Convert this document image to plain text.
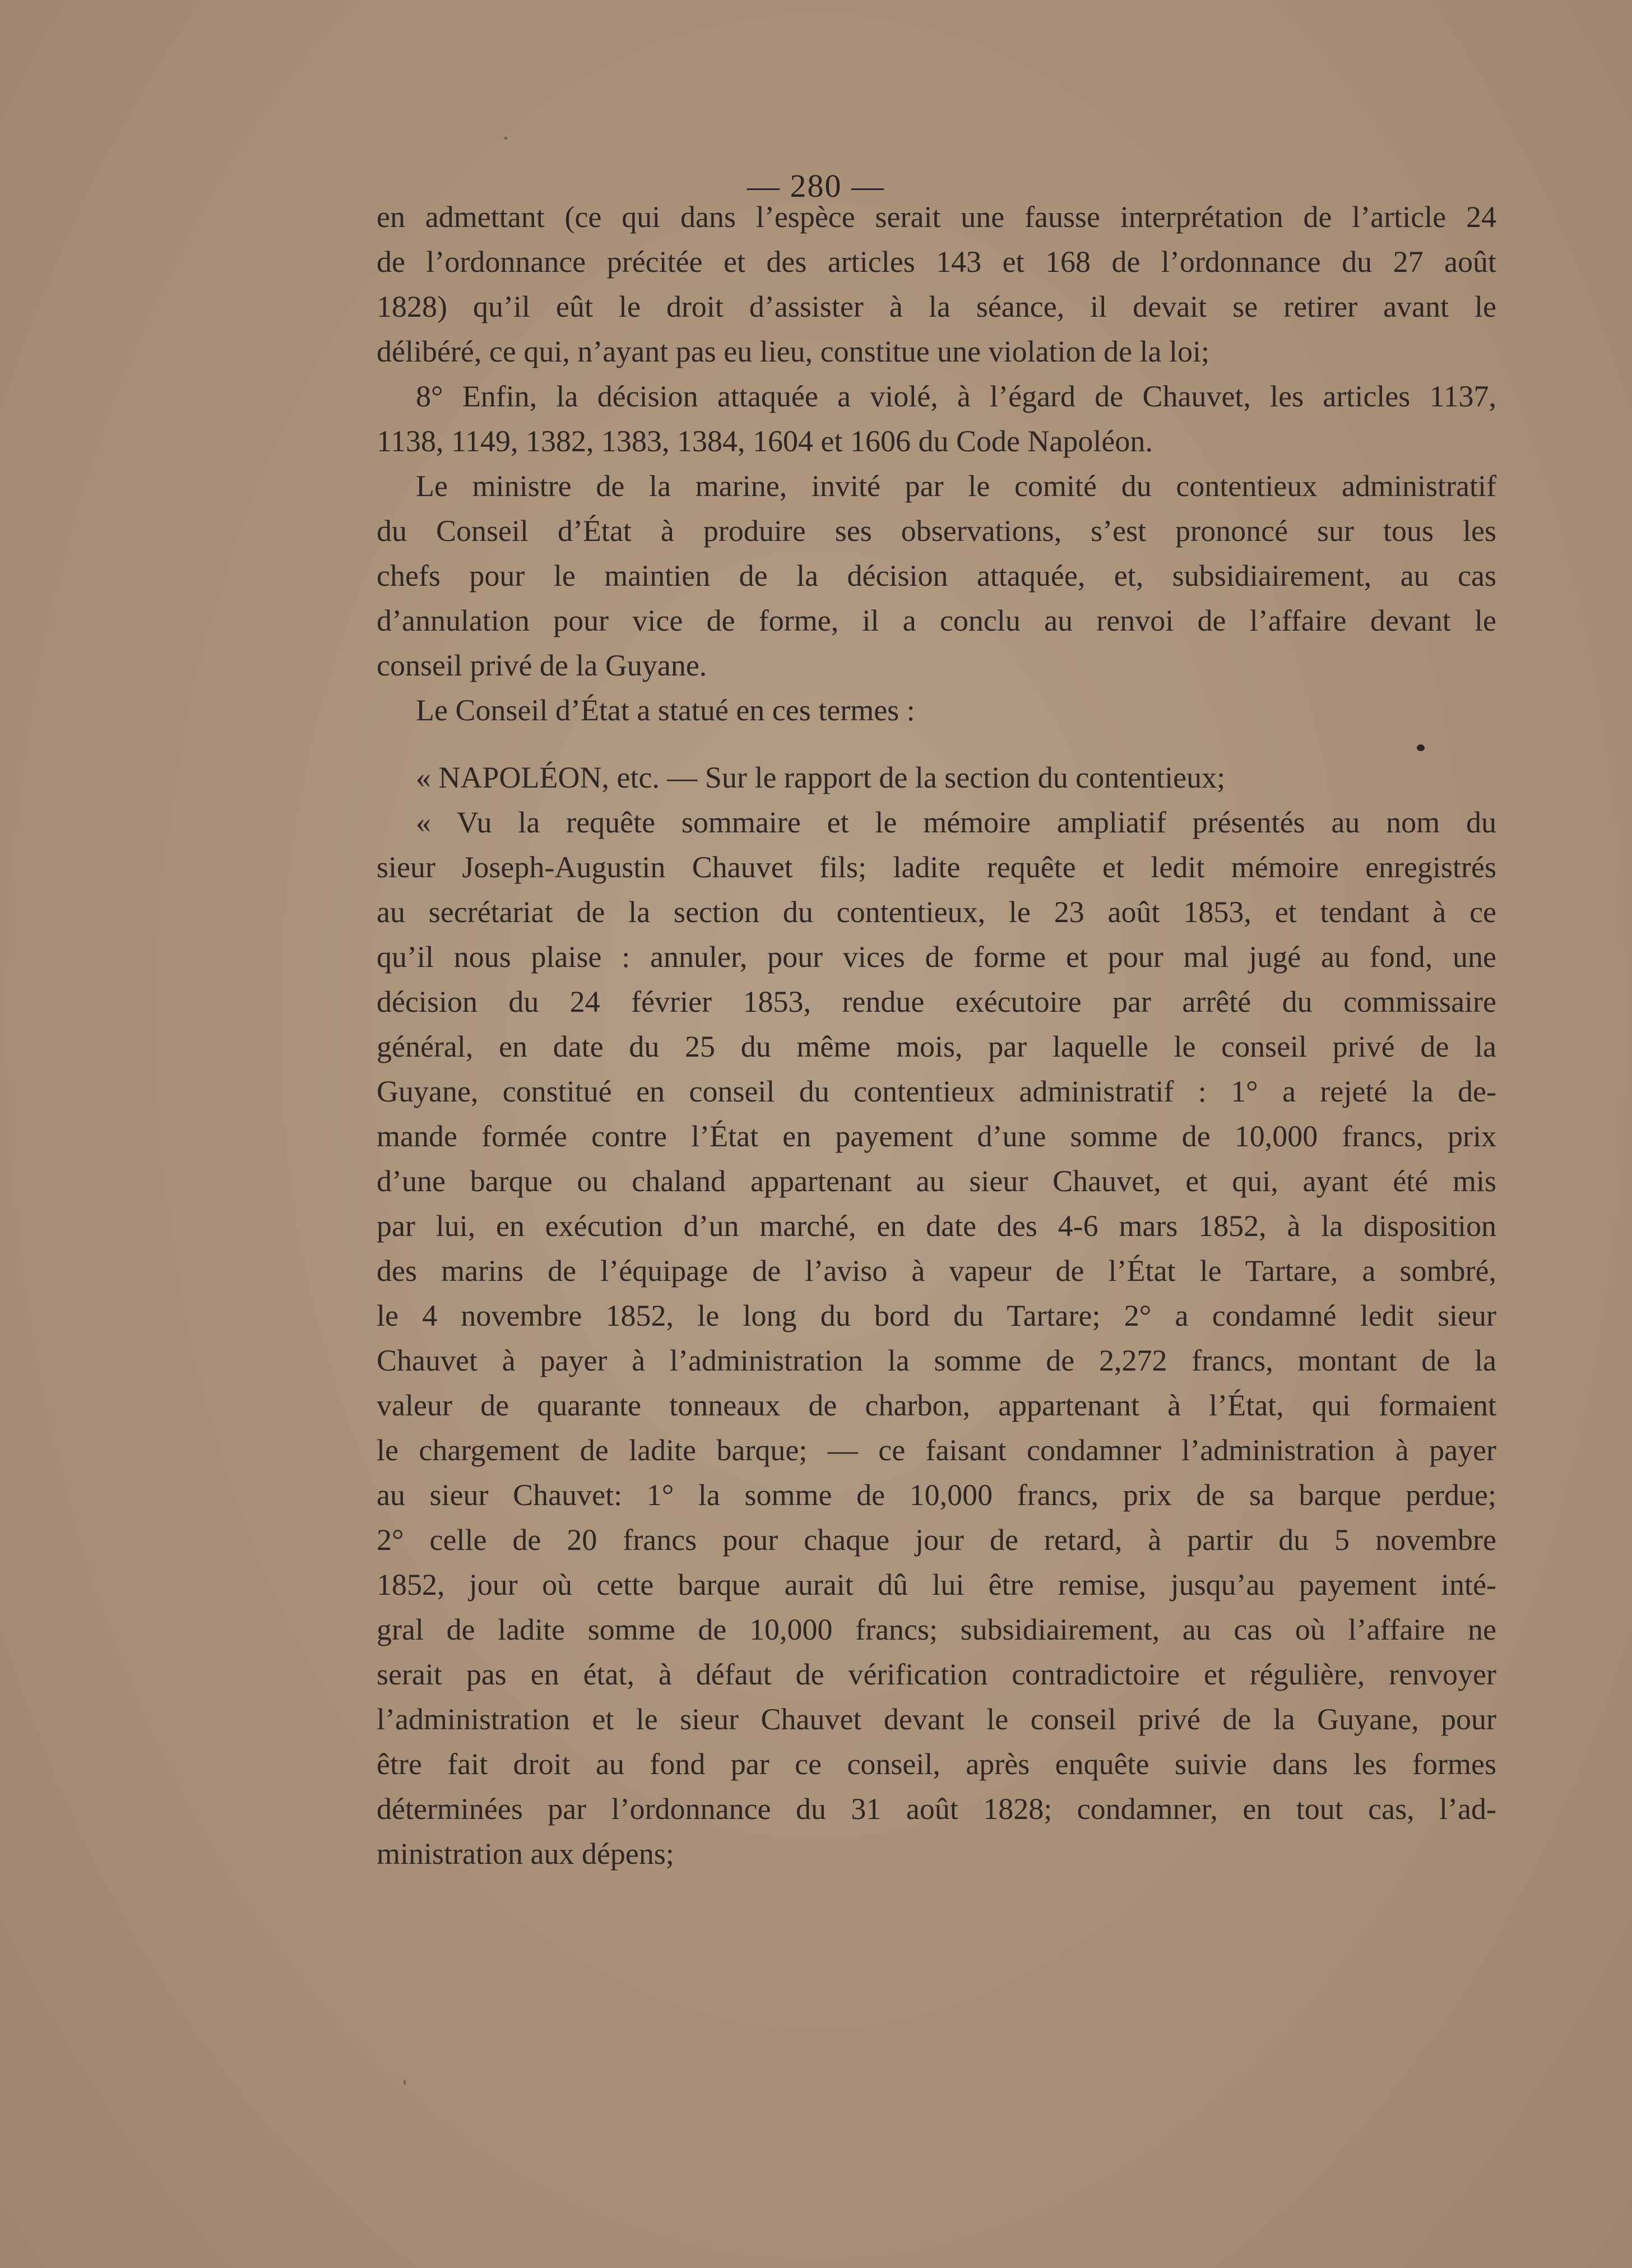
— 280 —
en admettant (ce qui dans l’espèce serait une fausse interprétation de l’article 24
de l’ordonnance précitée et des articles 143 et 168 de l’ordonnance du 27 août
1828) qu’il eût le droit d’assister à la séance, il devait se retirer avant le
délibéré, ce qui, n’ayant pas eu lieu, constitue une violation de la loi;
8° Enfin, la décision attaquée a violé, à l’égard de Chauvet, les articles 1137,
1138, 1149, 1382, 1383, 1384, 1604 et 1606 du Code Napoléon.
Le ministre de la marine, invité par le comité du contentieux administratif
du Conseil d’État à produire ses observations, s’est prononcé sur tous les
chefs pour le maintien de la décision attaquée, et, subsidiairement, au cas
d’annulation pour vice de forme, il a conclu au renvoi de l’affaire devant le
conseil privé de la Guyane.
Le Conseil d’État a statué en ces termes :
« NAPOLÉON, etc. — Sur le rapport de la section du contentieux;
« Vu la requête sommaire et le mémoire ampliatif présentés au nom du
sieur Joseph-Augustin Chauvet fils; ladite requête et ledit mémoire enregistrés
au secrétariat de la section du contentieux, le 23 août 1853, et tendant à ce
qu’il nous plaise : annuler, pour vices de forme et pour mal jugé au fond, une
décision du 24 février 1853, rendue exécutoire par arrêté du commissaire
général, en date du 25 du même mois, par laquelle le conseil privé de la
Guyane, constitué en conseil du contentieux administratif : 1° a rejeté la de-
mande formée contre l’État en payement d’une somme de 10,000 francs, prix
d’une barque ou chaland appartenant au sieur Chauvet, et qui, ayant été mis
par lui, en exécution d’un marché, en date des 4-6 mars 1852, à la disposition
des marins de l’équipage de l’aviso à vapeur de l’État le Tartare, a sombré,
le 4 novembre 1852, le long du bord du Tartare; 2° a condamné ledit sieur
Chauvet à payer à l’administration la somme de 2,272 francs, montant de la
valeur de quarante tonneaux de charbon, appartenant à l’État, qui formaient
le chargement de ladite barque; — ce faisant condamner l’administration à payer
au sieur Chauvet: 1° la somme de 10,000 francs, prix de sa barque perdue;
2° celle de 20 francs pour chaque jour de retard, à partir du 5 novembre
1852, jour où cette barque aurait dû lui être remise, jusqu’au payement inté-
gral de ladite somme de 10,000 francs; subsidiairement, au cas où l’affaire ne
serait pas en état, à défaut de vérification contradictoire et régulière, renvoyer
l’administration et le sieur Chauvet devant le conseil privé de la Guyane, pour
être fait droit au fond par ce conseil, après enquête suivie dans les formes
déterminées par l’ordonnance du 31 août 1828; condamner, en tout cas, l’ad-
ministration aux dépens;
